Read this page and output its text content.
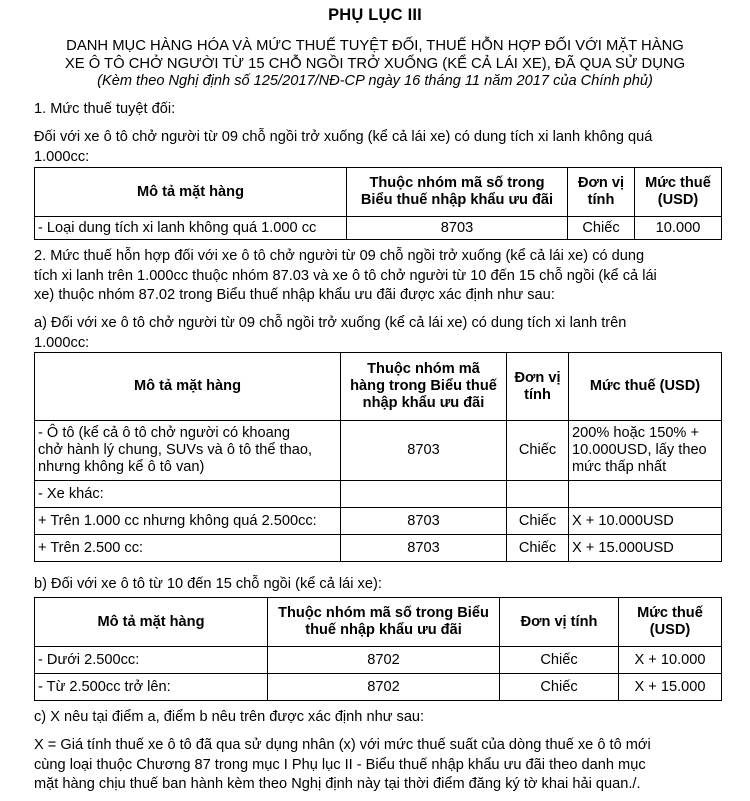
PHỤ LỤC III
DANH MỤC HÀNG HÓA VÀ MỨC THUẾ TUYỆT ĐỐI, THUẾ HỖN HỢP ĐỐI VỚI MẶT HÀNG
XE Ô TÔ CHỞ NGƯỜI TỪ 15 CHỖ NGỒI TRỞ XUỐNG (KỂ CẢ LÁI XE), ĐÃ QUA SỬ DỤNG
(Kèm theo Nghị định số 125/2017/NĐ-CP ngày 16 tháng 11 năm 2017 của Chính phủ)
1. Mức thuế tuyệt đối:
Đối với xe ô tô chở người từ 09 chỗ ngồi trở xuống (kể cả lái xe) có dung tích xi lanh không quá
1.000cc:
Mô tả mặt hàng	Thuộc nhóm mã số trong
Biểu thuế nhập khẩu ưu đãi	Đơn vị
tính	Mức thuế
(USD)
- Loại dung tích xi lanh không quá 1.000 cc	8703	Chiếc	10.000
2. Mức thuế hỗn hợp đối với xe ô tô chở người từ 09 chỗ ngồi trở xuống (kể cả lái xe) có dung
tích xi lanh trên 1.000cc thuộc nhóm 87.03 và xe ô tô chở người từ 10 đến 15 chỗ ngồi (kể cả lái
xe) thuộc nhóm 87.02 trong Biểu thuế nhập khẩu ưu đãi được xác định như sau:
a) Đối với xe ô tô chở người từ 09 chỗ ngồi trở xuống (kể cả lái xe) có dung tích xi lanh trên
1.000cc:
Mô tả mặt hàng	Thuộc nhóm mã
hàng trong Biểu thuế
nhập khẩu ưu đãi	Đơn vị
tính	Mức thuế (USD)
- Ô tô (kể cả ô tô chở người có khoang
chở hành lý chung, SUVs và ô tô thể thao,
nhưng không kể ô tô van)	8703	Chiếc	200% hoặc 150% +
10.000USD, lấy theo
mức thấp nhất
- Xe khác:			
+ Trên 1.000 cc nhưng không quá 2.500cc:	8703	Chiếc	X + 10.000USD
+ Trên 2.500 cc:	8703	Chiếc	X + 15.000USD
b) Đối với xe ô tô từ 10 đến 15 chỗ ngồi (kể cả lái xe):
Mô tả mặt hàng	Thuộc nhóm mã số trong Biểu
thuế nhập khẩu ưu đãi	Đơn vị tính	Mức thuế
(USD)
- Dưới 2.500cc:	8702	Chiếc	X + 10.000
- Từ 2.500cc trở lên:	8702	Chiếc	X + 15.000
c) X nêu tại điểm a, điểm b nêu trên được xác định như sau:
X = Giá tính thuế xe ô tô đã qua sử dụng nhân (x) với mức thuế suất của dòng thuế xe ô tô mới
cùng loại thuộc Chương 87 trong mục I Phụ lục II - Biểu thuế nhập khẩu ưu đãi theo danh mục
mặt hàng chịu thuế ban hành kèm theo Nghị định này tại thời điểm đăng ký tờ khai hải quan./.
